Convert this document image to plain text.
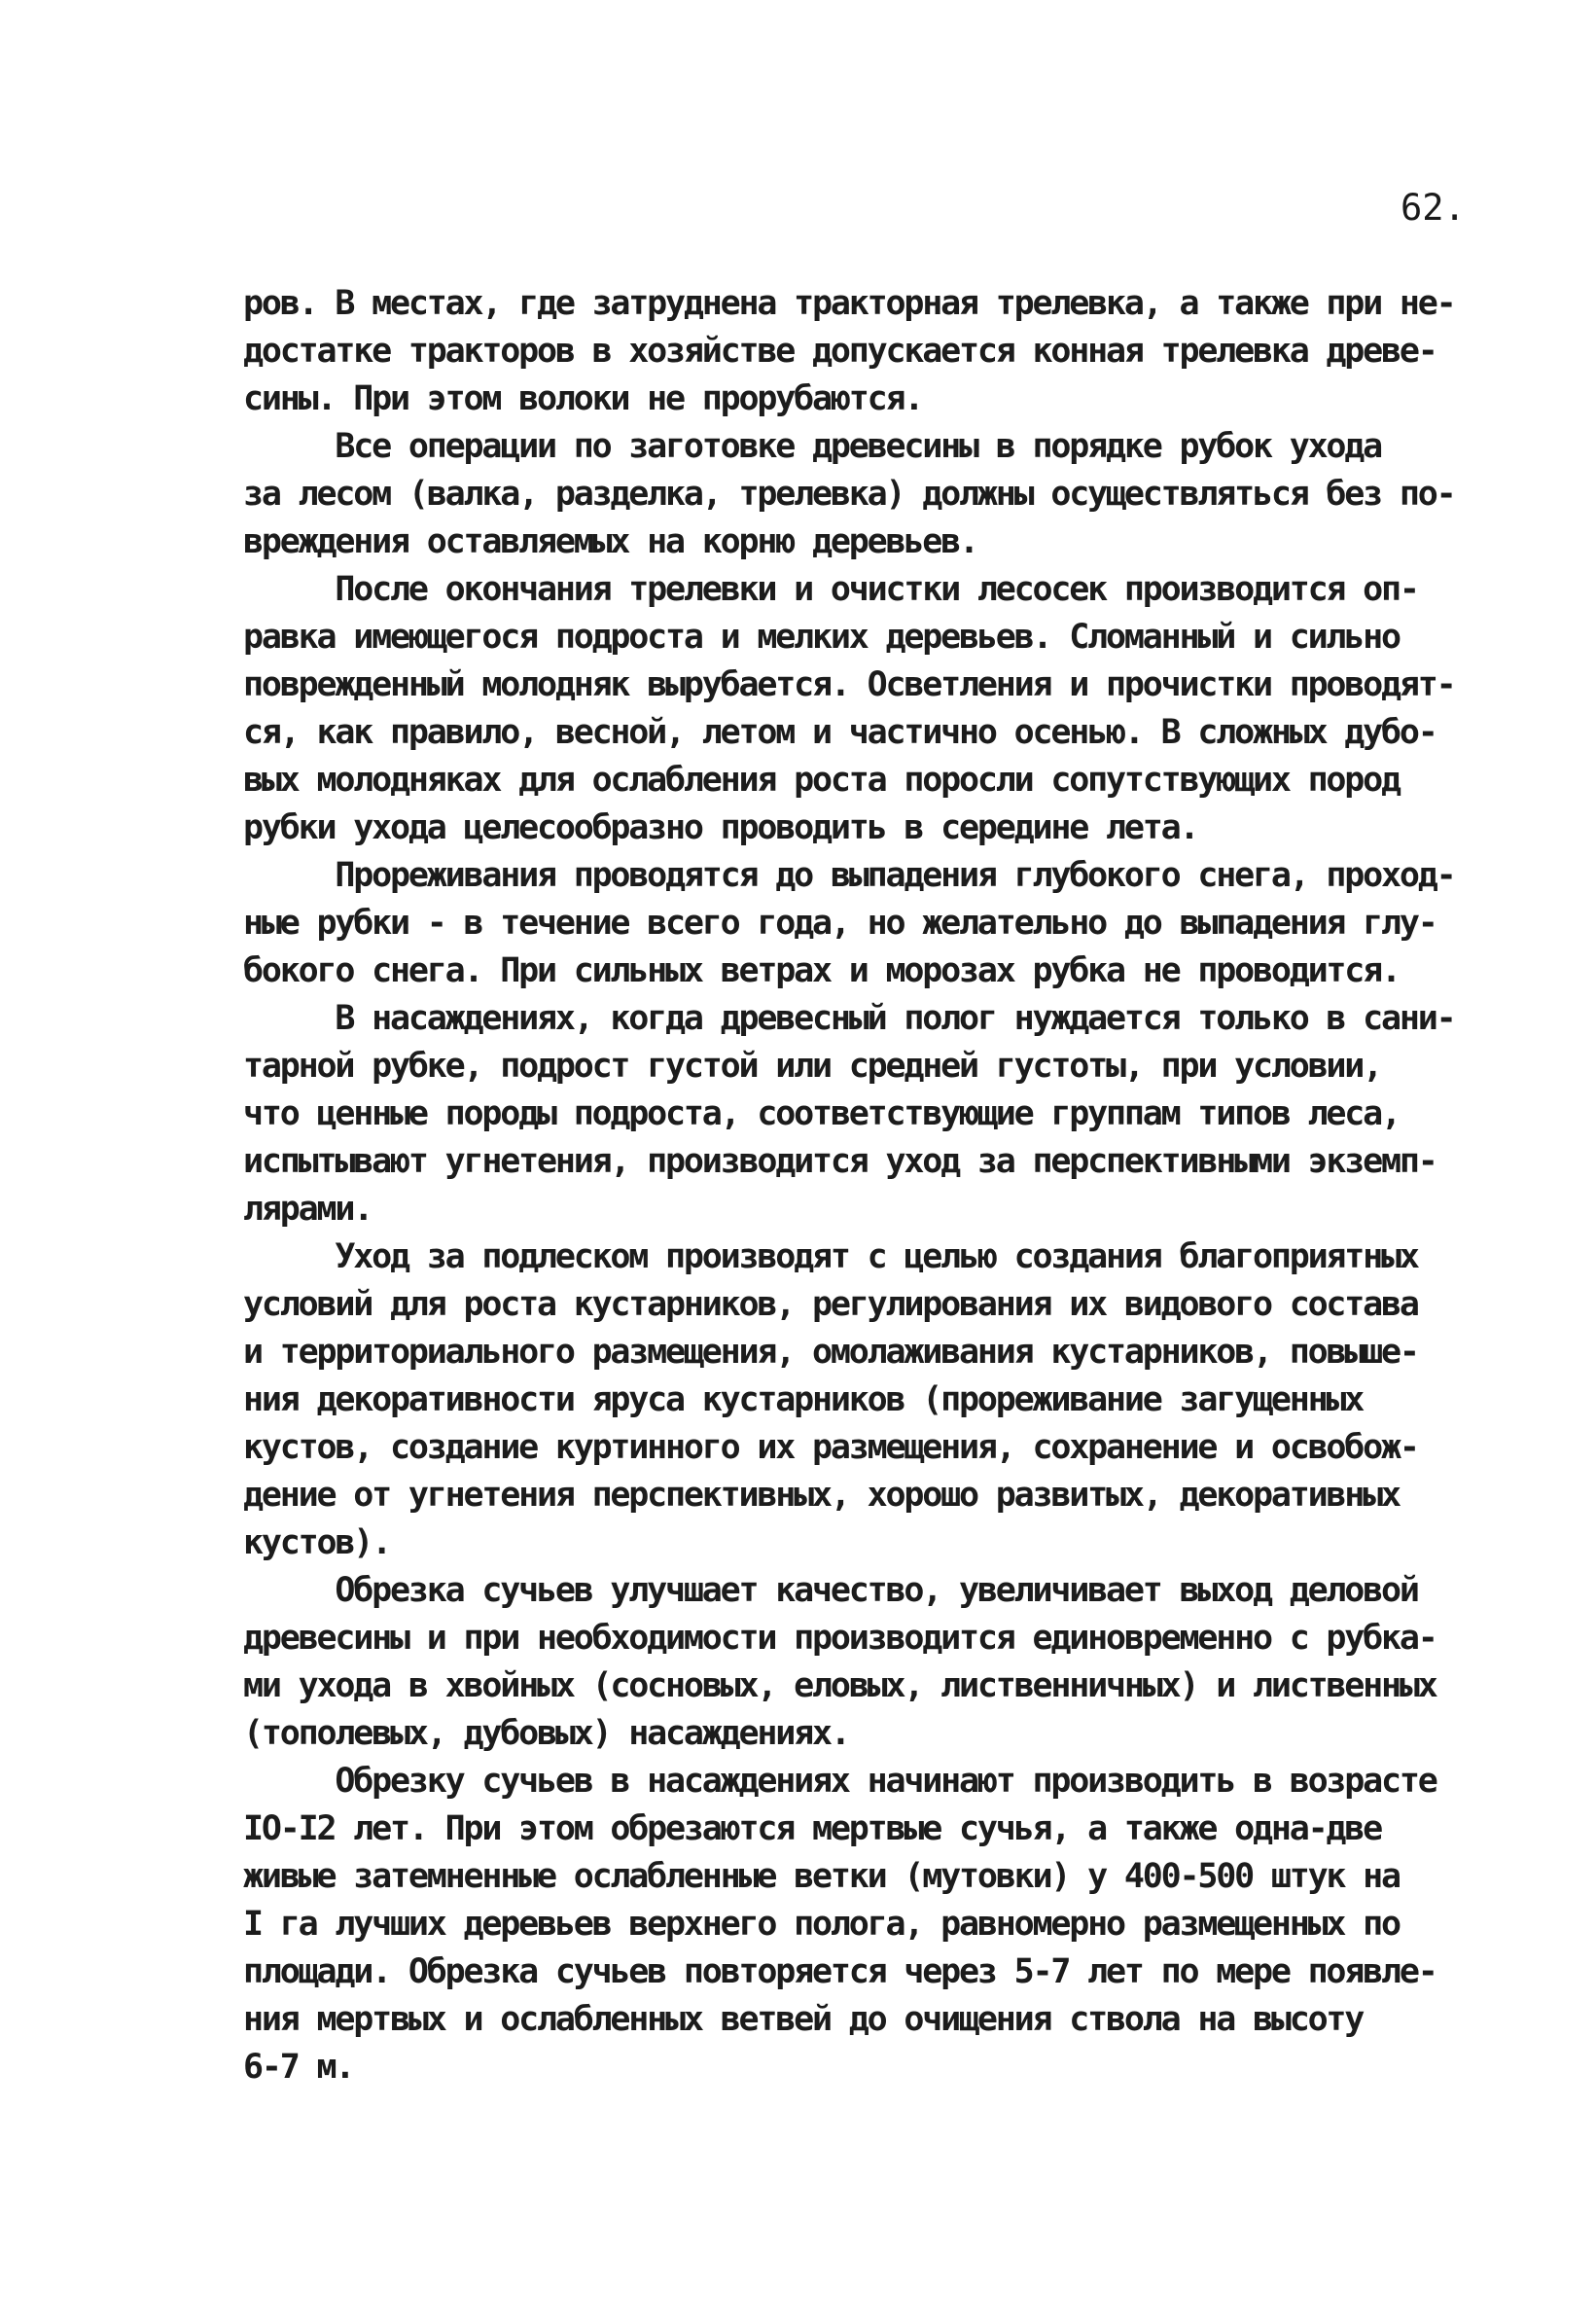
62.
ров. В местах, где затруднена тракторная трелевка, а также при не-
достатке тракторов в хозяйстве допускается конная трелевка древе-
сины. При этом волоки не прорубаются.
Все операции по заготовке древесины в порядке рубок ухода
за лесом (валка, разделка, трелевка) должны осуществляться без по-
вреждения оставляемых на корню деревьев.
После окончания трелевки и очистки лесосек производится оп-
равка имеющегося подроста и мелких деревьев. Сломанный и сильно
поврежденный молодняк вырубается. Осветления и прочистки проводят-
ся, как правило, весной, летом и частично осенью. В сложных дубо-
вых молодняках для ослабления роста поросли сопутствующих пород
рубки ухода целесообразно проводить в середине лета.
Прореживания проводятся до выпадения глубокого снега, проход-
ные рубки - в течение всего года, но желательно до выпадения глу-
бокого снега. При сильных ветрах и морозах рубка не проводится.
В насаждениях, когда древесный полог нуждается только в сани-
тарной рубке, подрост густой или средней густоты, при условии,
что ценные породы подроста, соответствующие группам типов леса,
испытывают угнетения, производится уход за перспективными экземп-
лярами.
Уход за подлеском производят с целью создания благоприятных
условий для роста кустарников, регулирования их видового состава
и территориального размещения, омолаживания кустарников, повыше-
ния декоративности яруса кустарников (прореживание загущенных
кустов, создание куртинного их размещения, сохранение и освобож-
дение от угнетения перспективных, хорошо развитых, декоративных
кустов).
Обрезка сучьев улучшает качество, увеличивает выход деловой
древесины и при необходимости производится единовременно с рубка-
ми ухода в хвойных (сосновых, еловых, лиственничных) и лиственных
(тополевых, дубовых) насаждениях.
Обрезку сучьев в насаждениях начинают производить в возрасте
IO-I2 лет. При этом обрезаются мертвые сучья, а также одна-две
живые затемненные ослабленные ветки (мутовки) у 400-500 штук на
I га лучших деревьев верхнего полога, равномерно размещенных по
площади. Обрезка сучьев повторяется через 5-7 лет по мере появле-
ния мертвых и ослабленных ветвей до очищения ствола на высоту
6-7 м.
